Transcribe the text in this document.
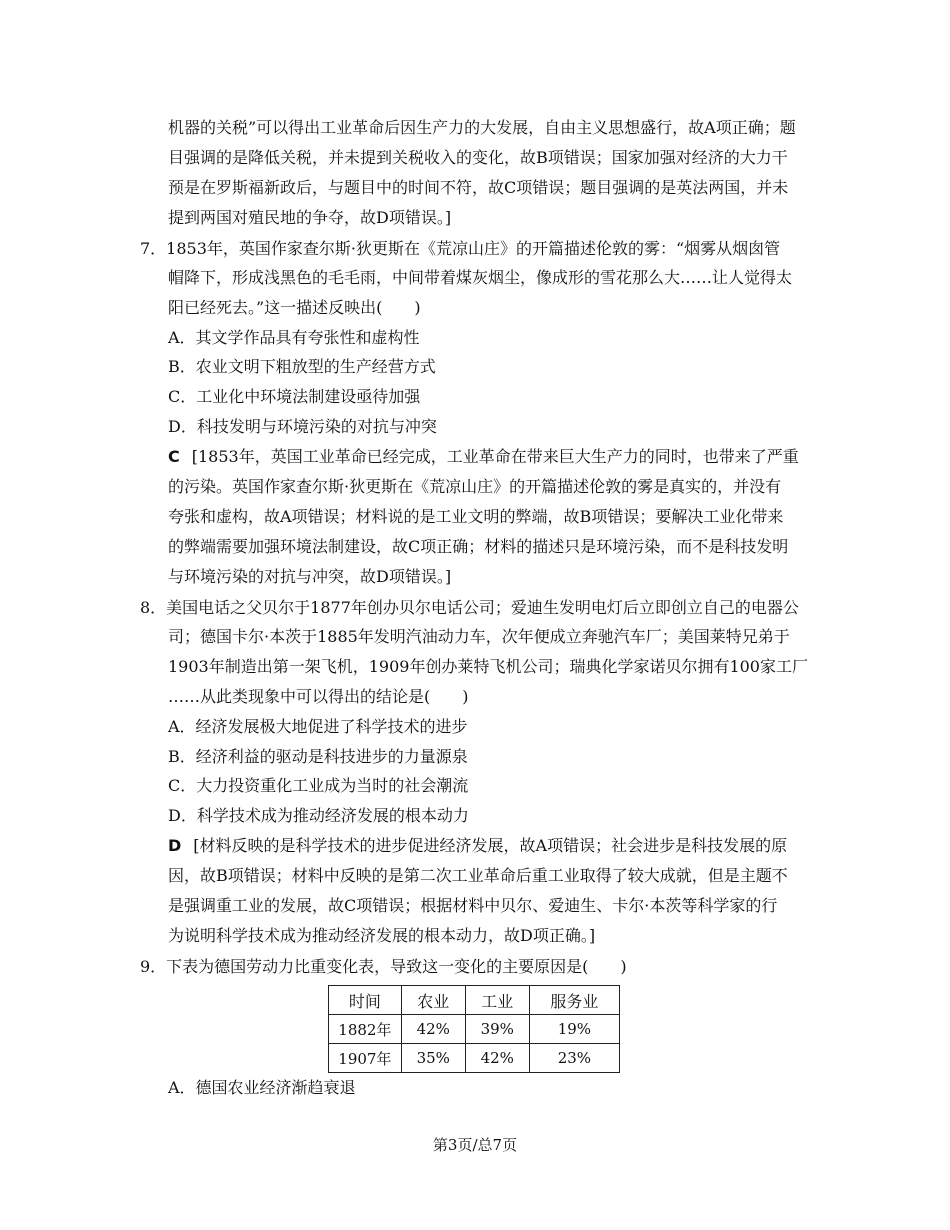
机器的关税”可以得出工业革命后因生产力的大发展，自由主义思想盛行，故A项正确；题
目强调的是降低关税，并未提到关税收入的变化，故B项错误；国家加强对经济的大力干
预是在罗斯福新政后，与题目中的时间不符，故C项错误；题目强调的是英法两国，并未
提到两国对殖民地的争夺，故D项错误。]
7．1853年，英国作家查尔斯·狄更斯在《荒凉山庄》的开篇描述伦敦的雾：“烟雾从烟囱管
帽降下，形成浅黑色的毛毛雨，中间带着煤灰烟尘，像成形的雪花那么大……让人觉得太
阳已经死去。”这一描述反映出(　　)
A．其文学作品具有夸张性和虚构性
B．农业文明下粗放型的生产经营方式
C．工业化中环境法制建设亟待加强
D．科技发明与环境污染的对抗与冲突
C [1853年，英国工业革命已经完成，工业革命在带来巨大生产力的同时，也带来了严重
的污染。英国作家查尔斯·狄更斯在《荒凉山庄》的开篇描述伦敦的雾是真实的，并没有
夸张和虚构，故A项错误；材料说的是工业文明的弊端，故B项错误；要解决工业化带来
的弊端需要加强环境法制建设，故C项正确；材料的描述只是环境污染，而不是科技发明
与环境污染的对抗与冲突，故D项错误。]
8．美国电话之父贝尔于1877年创办贝尔电话公司；爱迪生发明电灯后立即创立自己的电器公
司；德国卡尔·本茨于1885年发明汽油动力车，次年便成立奔驰汽车厂；美国莱特兄弟于
1903年制造出第一架飞机，1909年创办莱特飞机公司；瑞典化学家诺贝尔拥有100家工厂
……从此类现象中可以得出的结论是(　　)
A．经济发展极大地促进了科学技术的进步
B．经济利益的驱动是科技进步的力量源泉
C．大力投资重化工业成为当时的社会潮流
D．科学技术成为推动经济发展的根本动力
D [材料反映的是科学技术的进步促进经济发展，故A项错误；社会进步是科技发展的原
因，故B项错误；材料中反映的是第二次工业革命后重工业取得了较大成就，但是主题不
是强调重工业的发展，故C项错误；根据材料中贝尔、爱迪生、卡尔·本茨等科学家的行
为说明科学技术成为推动经济发展的根本动力，故D项正确。]
9．下表为德国劳动力比重变化表，导致这一变化的主要原因是(　　)
A．德国农业经济渐趋衰退
时间	农业	工业	服务业
1882年	42%	39%	19%
1907年	35%	42%	23%
第3页/总7页
